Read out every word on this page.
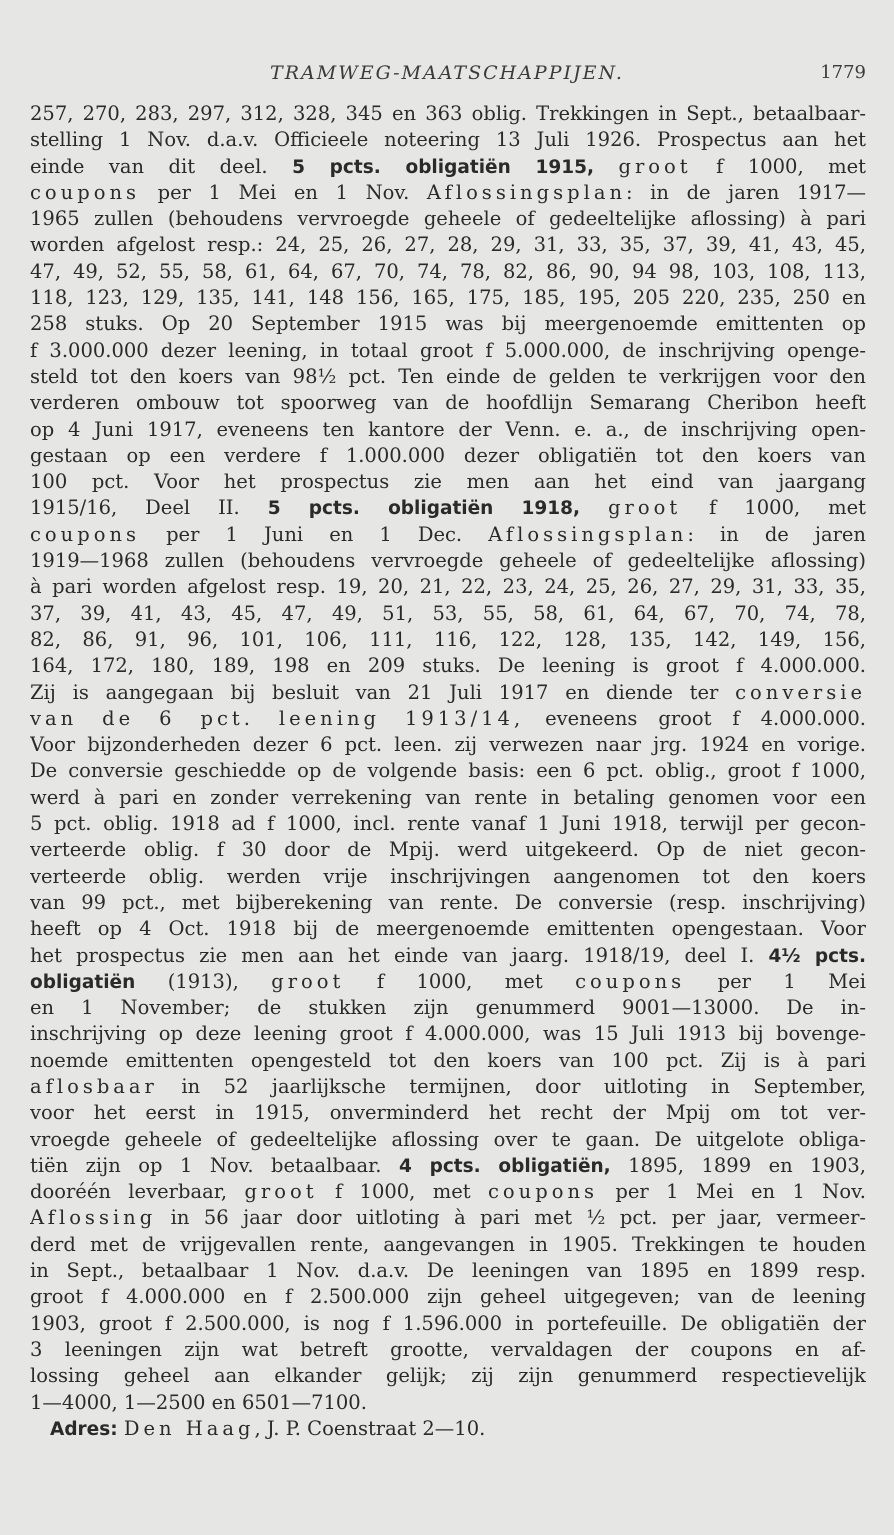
TRAMWEG-MAATSCHAPPIJEN.	1779
257, 270, 283, 297, 312, 328, 345 en 363 oblig. Trekkingen in Sept., betaalbaar-
stelling 1 Nov. d.a.v. Officieele noteering 13 Juli 1926. Prospectus aan het
einde van dit deel. 5 pcts. obligatiën 1915, groot f 1000, met
coupons per 1 Mei en 1 Nov. Aflossingsplan: in de jaren 1917—
1965 zullen (behoudens vervroegde geheele of gedeeltelijke aflossing) à pari
worden afgelost resp.: 24, 25, 26, 27, 28, 29, 31, 33, 35, 37, 39, 41, 43, 45,
47, 49, 52, 55, 58, 61, 64, 67, 70, 74, 78, 82, 86, 90, 94 98, 103, 108, 113,
118, 123, 129, 135, 141, 148 156, 165, 175, 185, 195, 205 220, 235, 250 en
258 stuks. Op 20 September 1915 was bij meergenoemde emittenten op
f 3.000.000 dezer leening, in totaal groot f 5.000.000, de inschrijving opengе-
steld tot den koers van 98½ pct. Ten einde de gelden te verkrijgen voor den
verderen ombouw tot spoorweg van de hoofdlijn Semarang Cheribon heeft
op 4 Juni 1917, eveneens ten kantore der Venn. e. a., de inschrijving open-
gestaan op een verdere f 1.000.000 dezer obligatiën tot den koers van
100 pct. Voor het prospectus zie men aan het eind van jaargang
1915/16, Deel II. 5 pcts. obligatiën 1918, groot f 1000, met
coupons per 1 Juni en 1 Dec. Aflossingsplan: in de jaren
1919—1968 zullen (behoudens vervroegde geheele of gedeeltelijke aflossing)
à pari worden afgelost resp. 19, 20, 21, 22, 23, 24, 25, 26, 27, 29, 31, 33, 35,
37, 39, 41, 43, 45, 47, 49, 51, 53, 55, 58, 61, 64, 67, 70, 74, 78,
82, 86, 91, 96, 101, 106, 111, 116, 122, 128, 135, 142, 149, 156,
164, 172, 180, 189, 198 en 209 stuks. De leening is groot f 4.000.000.
Zij is aangegaan bij besluit van 21 Juli 1917 en diende ter conversie
van de 6 pct. leening 1913/14, eveneens groot f 4.000.000.
Voor bijzonderheden dezer 6 pct. leen. zij verwezen naar jrg. 1924 en vorige.
De conversie geschiedde op de volgende basis: een 6 pct. oblig., groot f 1000,
werd à pari en zonder verrekening van rente in betaling genomen voor een
5 pct. oblig. 1918 ad f 1000, incl. rente vanaf 1 Juni 1918, terwijl per gecon-
verteerde oblig. f 30 door de Mpij. werd uitgekeerd. Op de niet gecon-
verteerde oblig. werden vrije inschrijvingen aangenomen tot den koers
van 99 pct., met bijberekening van rente. De conversie (resp. inschrijving)
heeft op 4 Oct. 1918 bij de meergenoemde emittenten opengestaan. Voor
het prospectus zie men aan het einde van jaarg. 1918/19, deel I. 4½ pcts.
obligatiën (1913), groot f 1000, met coupons per 1 Mei
en 1 November; de stukken zijn genummerd 9001—13000. De in-
inschrijving op deze leening groot f 4.000.000, was 15 Juli 1913 bij bovenge-
noemde emittenten opengesteld tot den koers van 100 pct. Zij is à pari
aflosbaar in 52 jaarlijksche termijnen, door uitloting in September,
voor het eerst in 1915, onverminderd het recht der Mpij om tot ver-
vroegde geheele of gedeeltelijke aflossing over te gaan. De uitgelote obliga-
tiën zijn op 1 Nov. betaalbaar. 4 pcts. obligatiën, 1895, 1899 en 1903,
dooréén leverbaar, groot f 1000, met coupons per 1 Mei en 1 Nov.
Aflossing in 56 jaar door uitloting à pari met ½ pct. per jaar, vermeer-
derd met de vrijgevallen rente, aangevangen in 1905. Trekkingen te houden
in Sept., betaalbaar 1 Nov. d.a.v. De leeningen van 1895 en 1899 resp.
groot f 4.000.000 en f 2.500.000 zijn geheel uitgegeven; van de leening
1903, groot f 2.500.000, is nog f 1.596.000 in portefeuille. De obligatiën der
3 leeningen zijn wat betreft grootte, vervaldagen der coupons en af-
lossing geheel aan elkander gelijk; zij zijn genummerd respectievelijk
1—4000, 1—2500 en 6501—7100.
Adres: Den Haag, J. P. Coenstraat 2—10.
